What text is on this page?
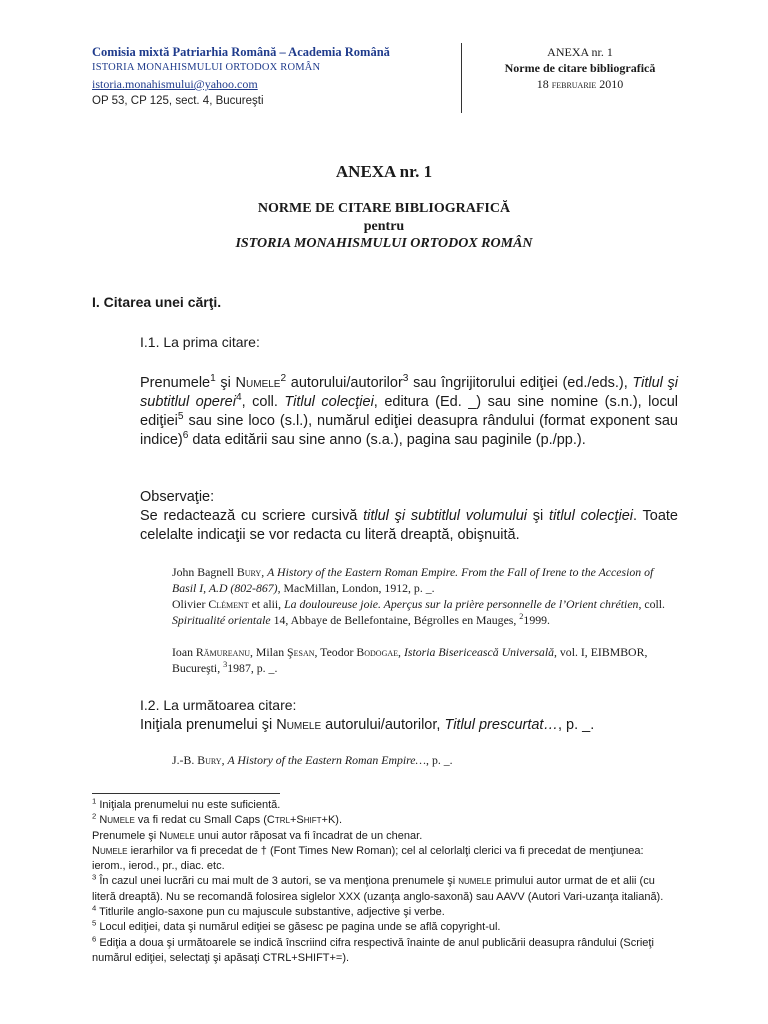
Comisia mixtă Patriarhia Română – Academia Română
ISTORIA MONAHISMULUI ORTODOX ROMÂN
istoria.monahismului@yahoo.com
OP 53, CP 125, sect. 4, Bucureşti
ANEXA nr. 1
Norme de citare bibliografică
18 februarie 2010
ANEXA nr. 1
NORME DE CITARE BIBLIOGRAFICĂ
pentru
ISTORIA MONAHISMULUI ORTODOX ROMÂN
I. Citarea unei cărţi.
I.1. La prima citare:
Prenumele$^1$ şi Numele$^2$ autorului/autorilor$^3$ sau îngrijitorului ediţiei (ed./eds.), Titlul şi subtitlul operei$^4$, coll. Titlul colecţiei, editura (Ed. _) sau sine nomine (s.n.), locul ediţiei$^5$ sau sine loco (s.l.), numărul ediţiei deasupra rândului (format exponent sau indice)$^6$ data editării sau sine anno (s.a.), pagina sau paginile (p./pp.).
Observaţie:
Se redactează cu scriere cursivă titlul şi subtitlul volumului şi titlul colecţiei. Toate celelalte indicaţii se vor redacta cu literă dreaptă, obişnuită.
John Bagnell Bury, A History of the Eastern Roman Empire. From the Fall of Irene to the Accesion of Basil I, A.D (802-867), MacMillan, London, 1912, p. _.
Olivier Clément et alii, La douloureuse joie. Aperçus sur la prière personnelle de l’Orient chrétien, coll. Spiritualité orientale 14, Abbaye de Bellefontaine, Bégrolles en Mauges, $^2$1999.
Ioan Rămureanu, Milan Şesan, Teodor Bodogae, Istoria Bisericească Universală, vol. I, EIBMBOR, Bucureşti, $^3$1987, p. _.
I.2. La următoarea citare:
Iniţiala prenumelui şi Numele autorului/autorilor, Titlul prescurtat…, p. _.
J.-B. Bury, A History of the Eastern Roman Empire…, p. _.
$^1$ Iniţiala prenumelui nu este suficientă.
$^2$ Numele va fi redat cu Small Caps (Ctrl+Shift+K).
Prenumele şi Numele unui autor răposat va fi încadrat de un chenar.
Numele ierarhilor va fi precedat de † (Font Times New Roman); cel al celorlalţi clerici va fi precedat de menţiunea: ierom., ierod., pr., diac. etc.
$^3$ În cazul unei lucrări cu mai mult de 3 autori, se va menţiona prenumele şi numele primului autor urmat de et alii (cu literă dreaptă). Nu se recomandă folosirea siglelor XXX (uzanţa anglo-saxonă) sau AAVV (Autori Vari-uzanţa italiană).
$^4$ Titlurile anglo-saxone pun cu majuscule substantive, adjective şi verbe.
$^5$ Locul ediţiei, data şi numărul ediţiei se găsesc pe pagina unde se află copyright-ul.
$^6$ Ediţia a doua şi următoarele se indică înscriind cifra respectivă înainte de anul publicării deasupra rândului (Scrieţi numărul ediţiei, selectaţi şi apăsaţi CTRL+SHIFT+=).
